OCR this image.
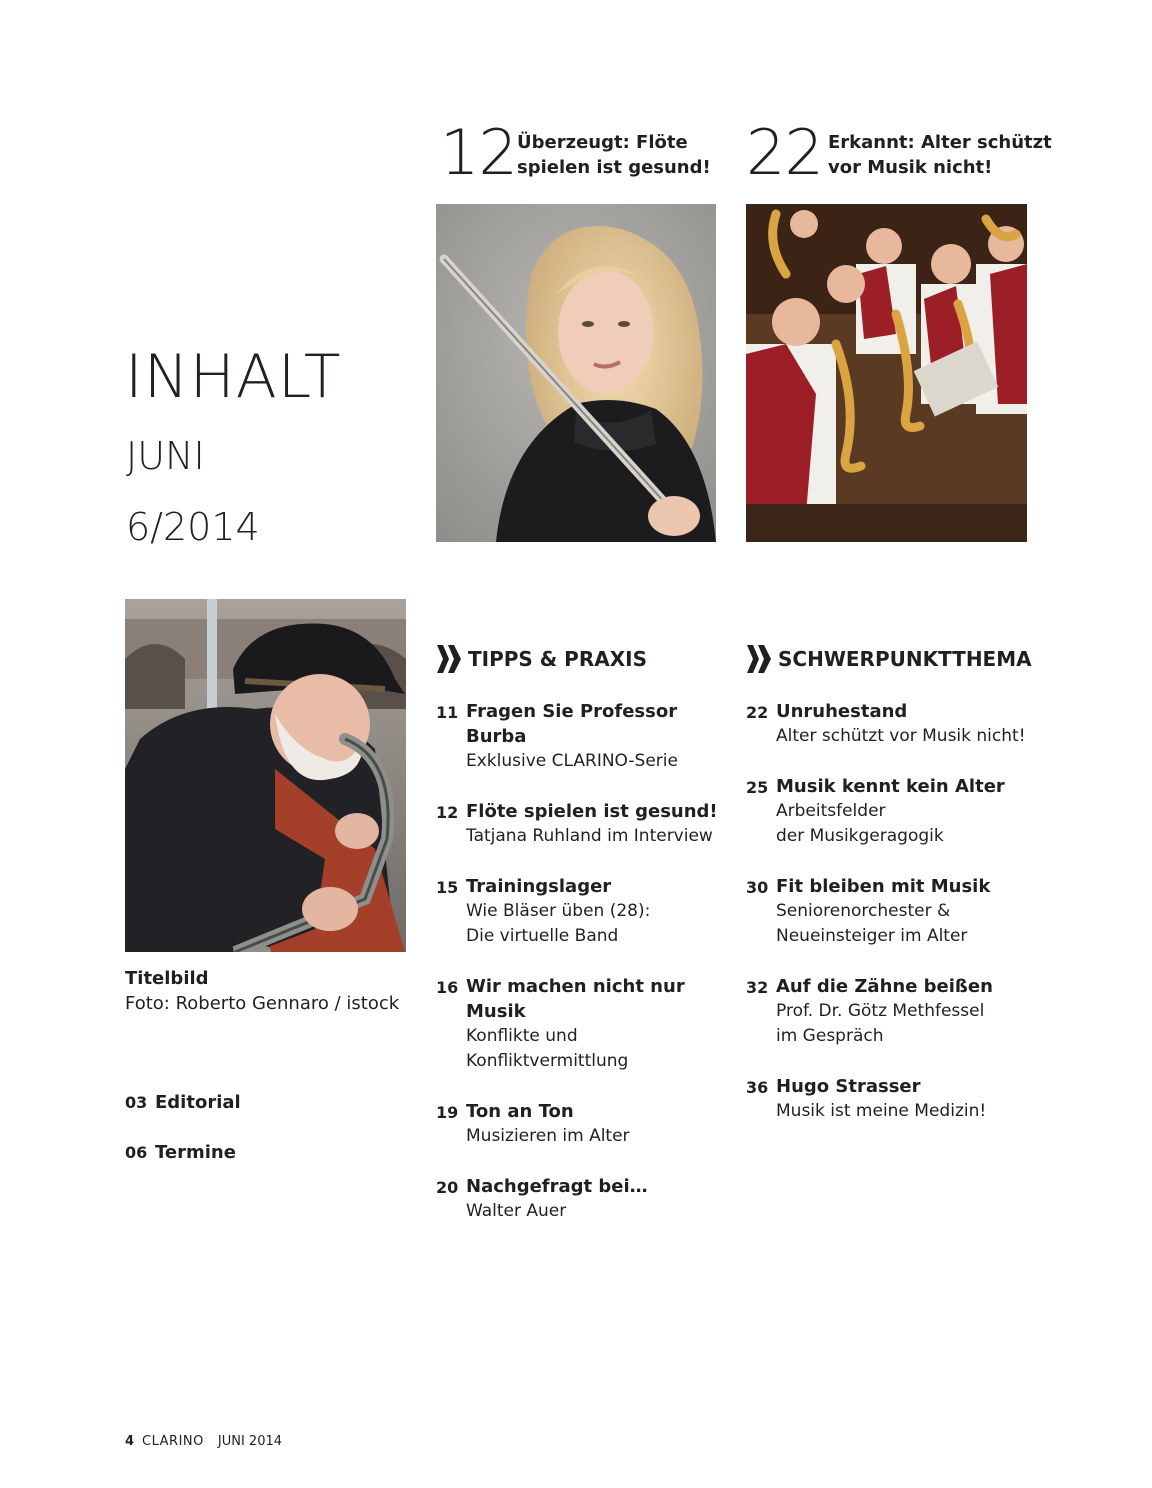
12 Überzeugt: Flöte
spielen ist gesund! 22 Erkannt: Alter schützt
vor Musik nicht!
INHALT
JUNI
6/2014
Titelbild
Foto: Roberto Gennaro / istock
03 Editorial
06 Termine
TIPPS & PRAXIS
11 Fragen Sie Professor Burba
Exklusive CLARINO-Serie
12 Flöte spielen ist gesund!
Tatjana Ruhland im Interview
15 Trainingslager
Wie Bläser üben (28):
Die virtuelle Band
16 Wir machen nicht nur Musik
Konflikte und
Konfliktvermittlung
19 Ton an Ton
Musizieren im Alter
20 Nachgefragt bei…
Walter Auer
SCHWERPUNKTTHEMA
22 Unruhestand
Alter schützt vor Musik nicht!
25 Musik kennt kein Alter
Arbeitsfelder
der Musikgeragogik
30 Fit bleiben mit Musik
Seniorenorchester &
Neueinsteiger im Alter
32 Auf die Zähne beißen
Prof. Dr. Götz Methfessel
im Gespräch
36 Hugo Strasser
Musik ist meine Medizin!
4 CLARINO JUNI 2014
